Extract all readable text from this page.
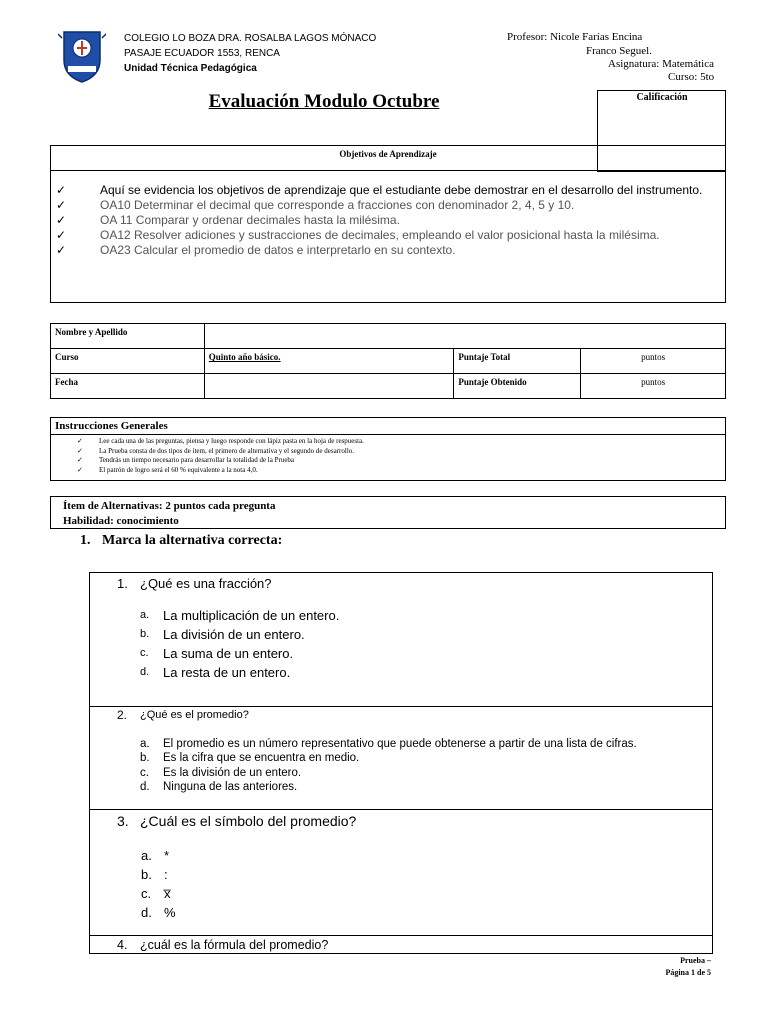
COLEGIO LO BOZA DRA. ROSALBA LAGOS MÓNACO
PASAJE ECUADOR 1553, RENCA
Unidad Técnica Pedagógica
Profesor: Nicole Farías Encina
Franco Seguel.
Asignatura: Matemática
Curso: 5to
Evaluación Modulo Octubre	Calificación
Objetivos de Aprendizaje
✓	Aquí se evidencia los objetivos de aprendizaje que el estudiante debe demostrar en el desarrollo del instrumento.
✓	OA10 Determinar el decimal que corresponde a fracciones con denominador 2, 4, 5 y 10.
✓	OA 11 Comparar y ordenar decimales hasta la milésima.
✓	OA12 Resolver adiciones y sustracciones de decimales, empleando el valor posicional hasta la milésima.
✓	OA23 Calcular el promedio de datos e interpretarlo en su contexto.
Nombre y Apellido			
Curso	Quinto año básico.	Puntaje Total	puntos
Fecha		Puntaje Obtenido	puntos
Instrucciones Generales
✓	Lee cada una de las preguntas, piensa y luego responde con lápiz pasta en la hoja de respuesta.
✓	La Prueba consta de dos tipos de ítem, el primero de alternativa y el segundo de desarrollo.
✓	Tendrás un tiempo necesario para desarrollar la totalidad de la Prueba
✓	El patrón de logro será el 60 % equivalente a la nota 4,0.
Ítem de Alternativas: 2 puntos cada pregunta
Habilidad: conocimiento
1. Marca la alternativa correcta:
1. ¿Qué es una fracción?
a.	La multiplicación de un entero.
b.	La división de un entero.
c.	La suma de un entero.
d.	La resta de un entero.
2.	¿Qué es el promedio?
a.	El promedio es un número representativo que puede obtenerse a partir de una lista de cifras.
b.	Es la cifra que se encuentra en medio.
c.	Es la división de un entero.
d.	Ninguna de las anteriores.
3. ¿Cuál es el símbolo del promedio?
a. *
b. :
c. x̅
d. %
4.	¿cuál es la fórmula del promedio?
Prueba –
Página 1 de 5
